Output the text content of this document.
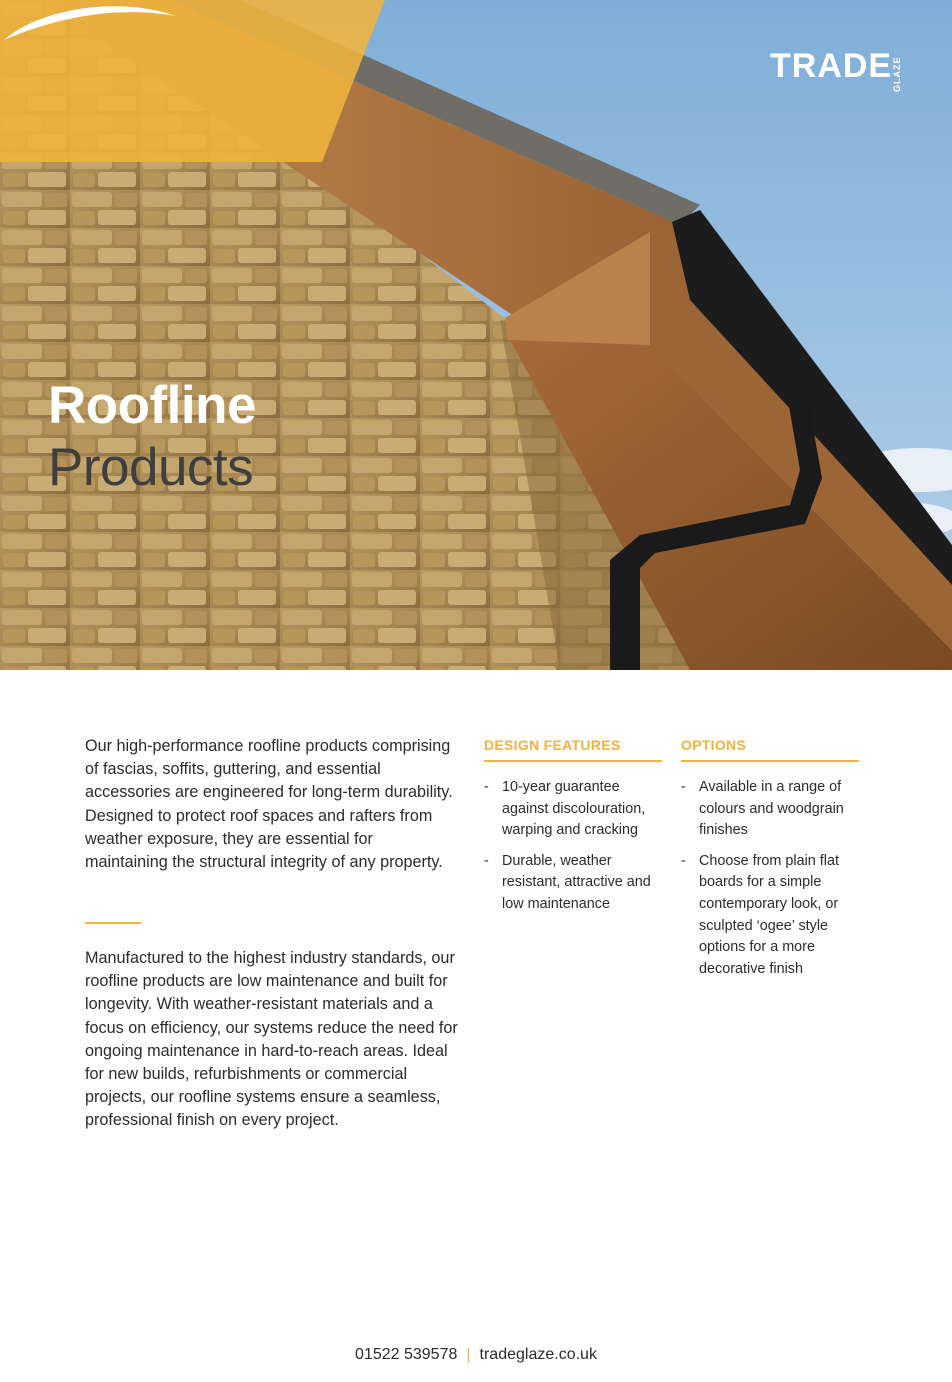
Roofline
Products
TRADE GLAZE

Our high-performance roofline products comprising of fascias, soffits, guttering, and essential accessories are engineered for long-term durability. Designed to protect roof spaces and rafters from weather exposure, they are essential for maintaining the structural integrity of any property.

Manufactured to the highest industry standards, our roofline products are low maintenance and built for longevity. With weather-resistant materials and a focus on efficiency, our systems reduce the need for ongoing maintenance in hard-to-reach areas. Ideal for new builds, refurbishments or commercial projects, our roofline systems ensure a seamless, professional finish on every project.

DESIGN FEATURES
- 10-year guarantee against discolouration, warping and cracking
- Durable, weather resistant, attractive and low maintenance
OPTIONS
- Available in a range of colours and woodgrain finishes
- Choose from plain flat boards for a simple contemporary look, or sculpted ‘ogee’ style options for a more decorative finish
01522 539578 | tradeglaze.co.uk
